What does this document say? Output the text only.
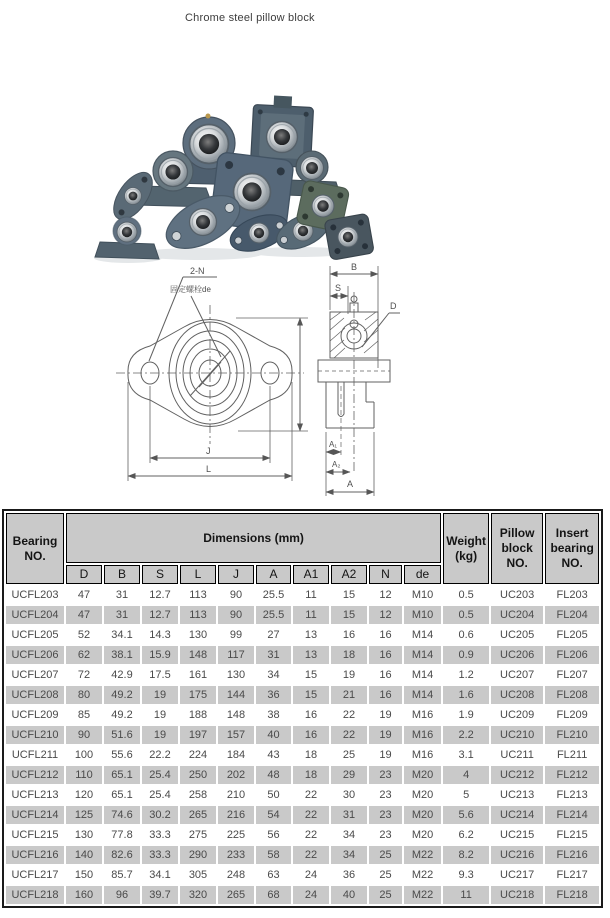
Chrome steel pillow block
2-N
固定螺栓de
J
L
B
S
D
A₁
A₂
A
Bearing NO.	Dimensions (mm)										Weight (kg)	Pillow block NO.	Insert bearing NO.
	D	B	S	L	J	A	A1	A2	N	de			
UCFL203	47	31	12.7	113	90	25.5	11	15	12	M10	0.5	UC203	FL203
UCFL204	47	31	12.7	113	90	25.5	11	15	12	M10	0.5	UC204	FL204
UCFL205	52	34.1	14.3	130	99	27	13	16	16	M14	0.6	UC205	FL205
UCFL206	62	38.1	15.9	148	117	31	13	18	16	M14	0.9	UC206	FL206
UCFL207	72	42.9	17.5	161	130	34	15	19	16	M14	1.2	UC207	FL207
UCFL208	80	49.2	19	175	144	36	15	21	16	M14	1.6	UC208	FL208
UCFL209	85	49.2	19	188	148	38	16	22	19	M16	1.9	UC209	FL209
UCFL210	90	51.6	19	197	157	40	16	22	19	M16	2.2	UC210	FL210
UCFL211	100	55.6	22.2	224	184	43	18	25	19	M16	3.1	UC211	FL211
UCFL212	110	65.1	25.4	250	202	48	18	29	23	M20	4	UC212	FL212
UCFL213	120	65.1	25.4	258	210	50	22	30	23	M20	5	UC213	FL213
UCFL214	125	74.6	30.2	265	216	54	22	31	23	M20	5.6	UC214	FL214
UCFL215	130	77.8	33.3	275	225	56	22	34	23	M20	6.2	UC215	FL215
UCFL216	140	82.6	33.3	290	233	58	22	34	25	M22	8.2	UC216	FL216
UCFL217	150	85.7	34.1	305	248	63	24	36	25	M22	9.3	UC217	FL217
UCFL218	160	96	39.7	320	265	68	24	40	25	M22	11	UC218	FL218
